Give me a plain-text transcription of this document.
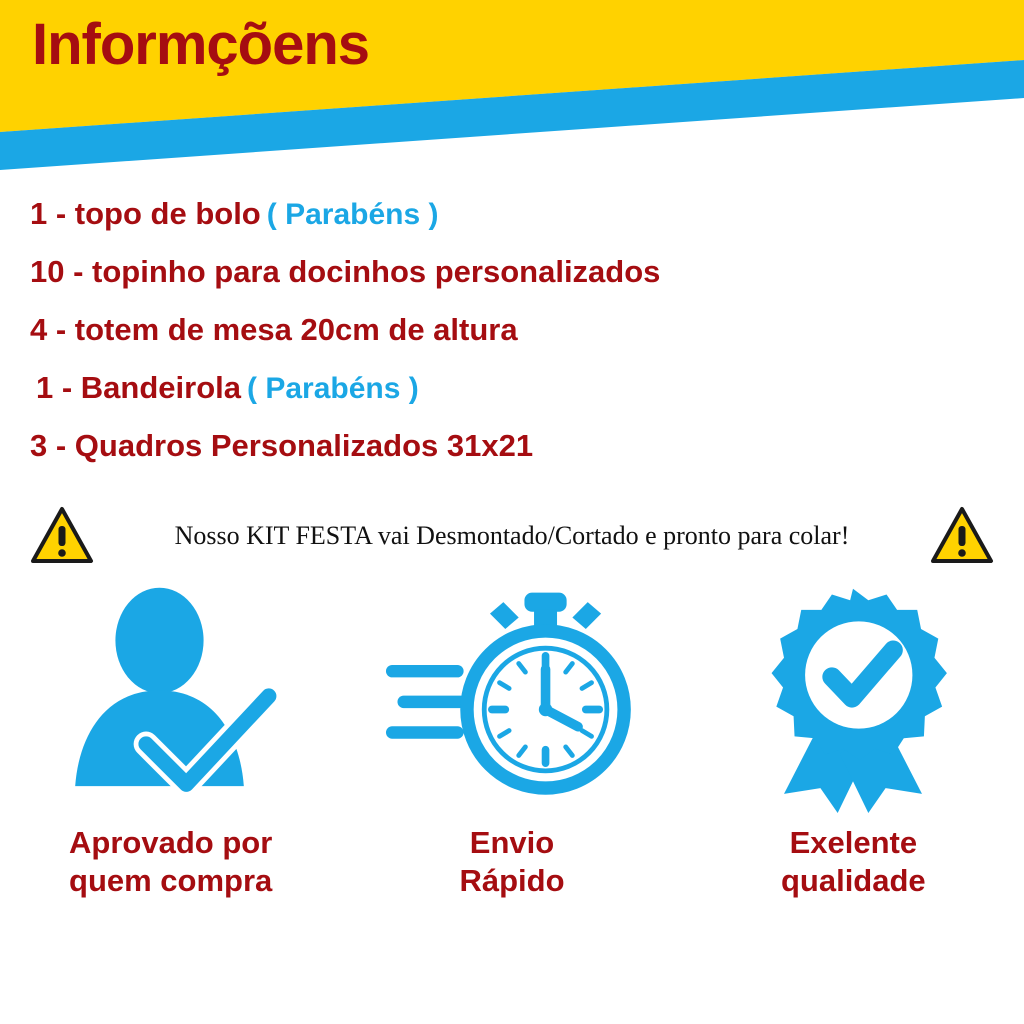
Informçõens
1 - topo de bolo ( Parabéns )
10 - topinho para docinhos personalizados
4 - totem de mesa 20cm de altura
1 - Bandeirola ( Parabéns )
3 - Quadros Personalizados 31x21
Nosso KIT FESTA vai Desmontado/Cortado e pronto para colar!
Aprovado por
quem compra
Envio
Rápido
Exelente
qualidade
